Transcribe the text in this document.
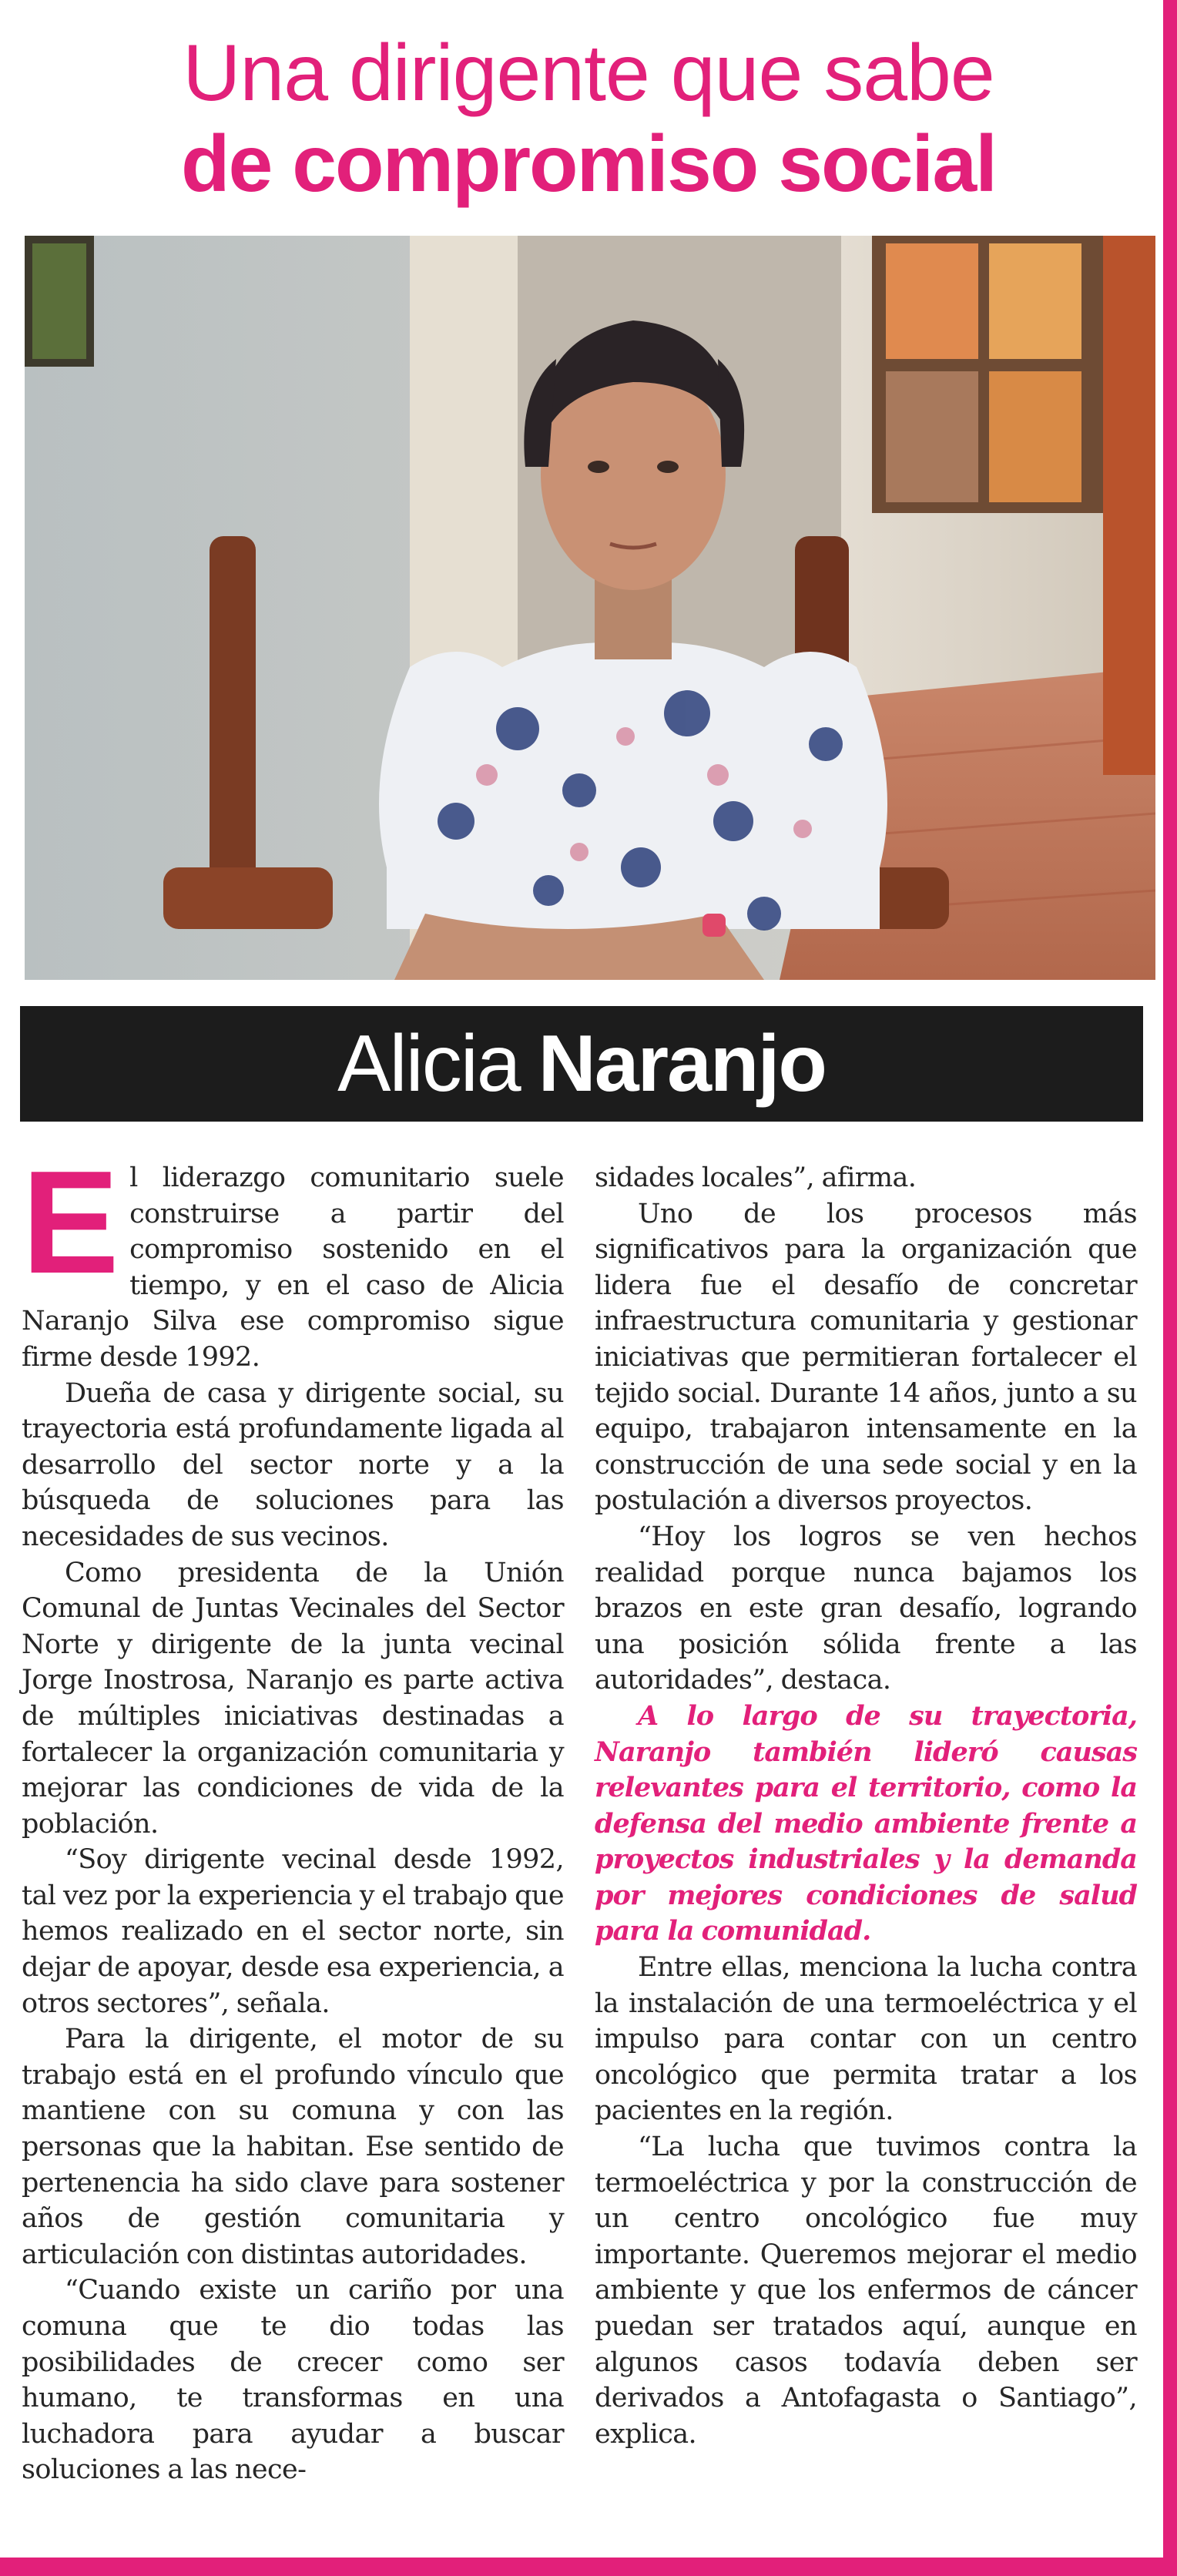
Una dirigente que sabe
de compromiso social
Alicia Naranjo

El liderazgo comunitario suele construirse a partir del compromiso sostenido en el tiempo, y en el caso de Alicia Naranjo Silva ese compromiso sigue firme desde 1992.

Dueña de casa y dirigente social, su trayectoria está profundamente ligada al desarrollo del sector norte y a la búsqueda de soluciones para las necesidades de sus vecinos.

Como presidenta de la Unión Comunal de Juntas Vecinales del Sector Norte y dirigente de la junta vecinal Jorge Inostrosa, Naranjo es parte activa de múltiples iniciativas destinadas a fortalecer la organización comunitaria y mejorar las condiciones de vida de la población.

“Soy dirigente vecinal desde 1992, tal vez por la experiencia y el trabajo que hemos realizado en el sector norte, sin dejar de apoyar, desde esa experiencia, a otros sectores”, señala.

Para la dirigente, el motor de su trabajo está en el profundo vínculo que mantiene con su comuna y con las personas que la habitan. Ese sentido de pertenencia ha sido clave para sostener años de gestión comunitaria y articulación con distintas autoridades.

“Cuando existe un cariño por una comuna que te dio todas las posibilidades de crecer como ser humano, te transformas en una luchadora para ayudar a buscar soluciones a las nece-

sidades locales”, afirma.

Uno de los procesos más significativos para la organización que lidera fue el desafío de concretar infraestructura comunitaria y gestionar iniciativas que permitieran fortalecer el tejido social. Durante 14 años, junto a su equipo, trabajaron intensamente en la construcción de una sede social y en la postulación a diversos proyectos.

“Hoy los logros se ven hechos realidad porque nunca bajamos los brazos en este gran desafío, logrando una posición sólida frente a las autoridades”, destaca.

A lo largo de su trayectoria, Naranjo también lideró causas relevantes para el territorio, como la defensa del medio ambiente frente a proyectos industriales y la demanda por mejores condiciones de salud para la comunidad.

Entre ellas, menciona la lucha contra la instalación de una termoeléctrica y el impulso para contar con un centro oncológico que permita tratar a los pacientes en la región.

“La lucha que tuvimos contra la termoeléctrica y por la construcción de un centro oncológico fue muy importante. Queremos mejorar el medio ambiente y que los enfermos de cáncer puedan ser tratados aquí, aunque en algunos casos todavía deben ser derivados a Antofagasta o Santiago”, explica.
